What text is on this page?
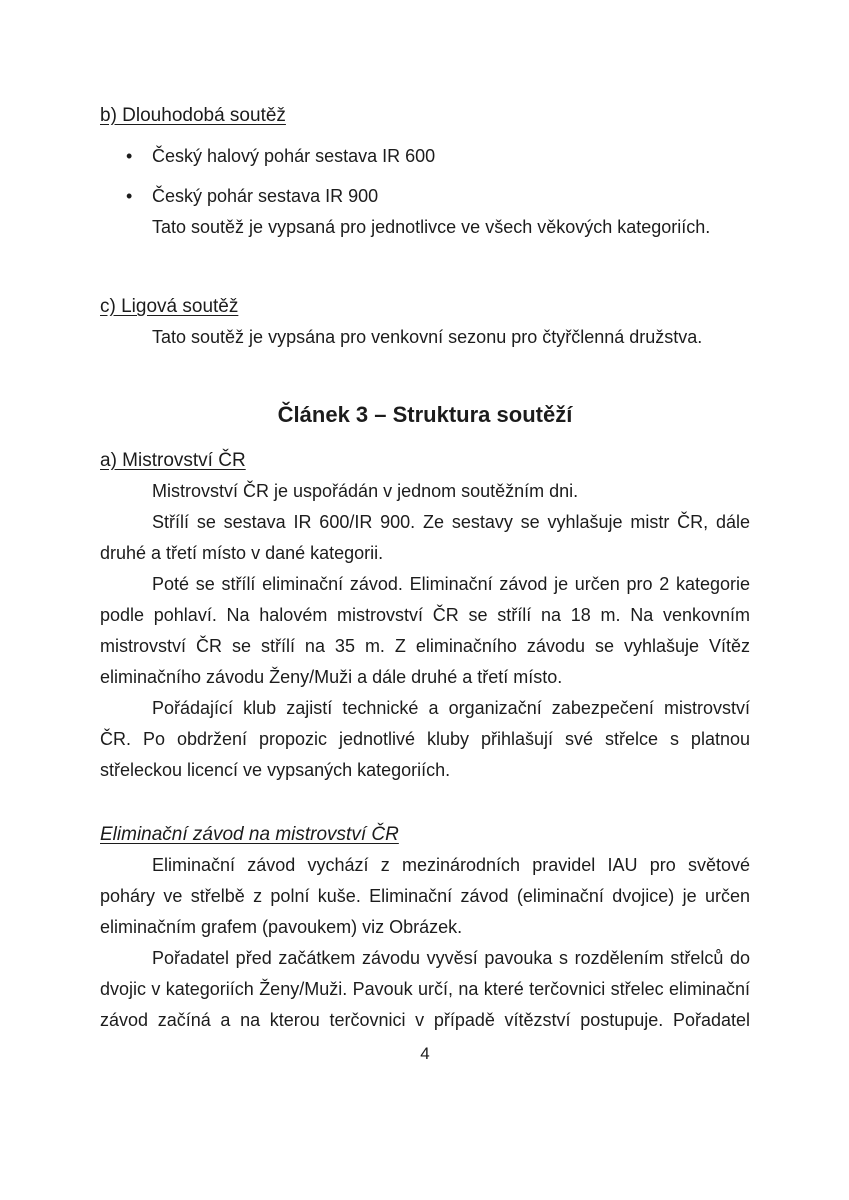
b) Dlouhodobá soutěž
• Český halový pohár sestava IR 600
• Český pohár sestava IR 900

Tato soutěž je vypsaná pro jednotlivce ve všech věkových kategoriích.

c) Ligová soutěž

Tato soutěž je vypsána pro venkovní sezonu pro čtyřčlenná družstva.

Článek 3 – Struktura soutěží
a) Mistrovství ČR

Mistrovství ČR je uspořádán v jednom soutěžním dni.

Střílí se sestava IR 600/IR 900. Ze sestavy se vyhlašuje mistr ČR, dále druhé a třetí místo v dané kategorii.

Poté se střílí eliminační závod. Eliminační závod je určen pro 2 kategorie podle pohlaví. Na halovém mistrovství ČR se střílí na 18 m. Na venkovním mistrovství ČR se střílí na 35 m. Z eliminačního závodu se vyhlašuje Vítěz eliminačního závodu Ženy/Muži a dále druhé a třetí místo.

Pořádající klub zajistí technické a organizační zabezpečení mistrovství ČR. Po obdržení propozic jednotlivé kluby přihlašují své střelce s platnou střeleckou licencí ve vypsaných kategoriích.

Eliminační závod na mistrovství ČR

Eliminační závod vychází z mezinárodních pravidel IAU pro světové poháry ve střelbě z polní kuše. Eliminační závod (eliminační dvojice) je určen eliminačním grafem (pavoukem) viz Obrázek.

Pořadatel před začátkem závodu vyvěsí pavouka s rozdělením střelců do dvojic v kategoriích Ženy/Muži. Pavouk určí, na které terčovnici střelec eliminační závod začíná a na kterou terčovnici v případě vítězství postupuje. Pořadatel

4
